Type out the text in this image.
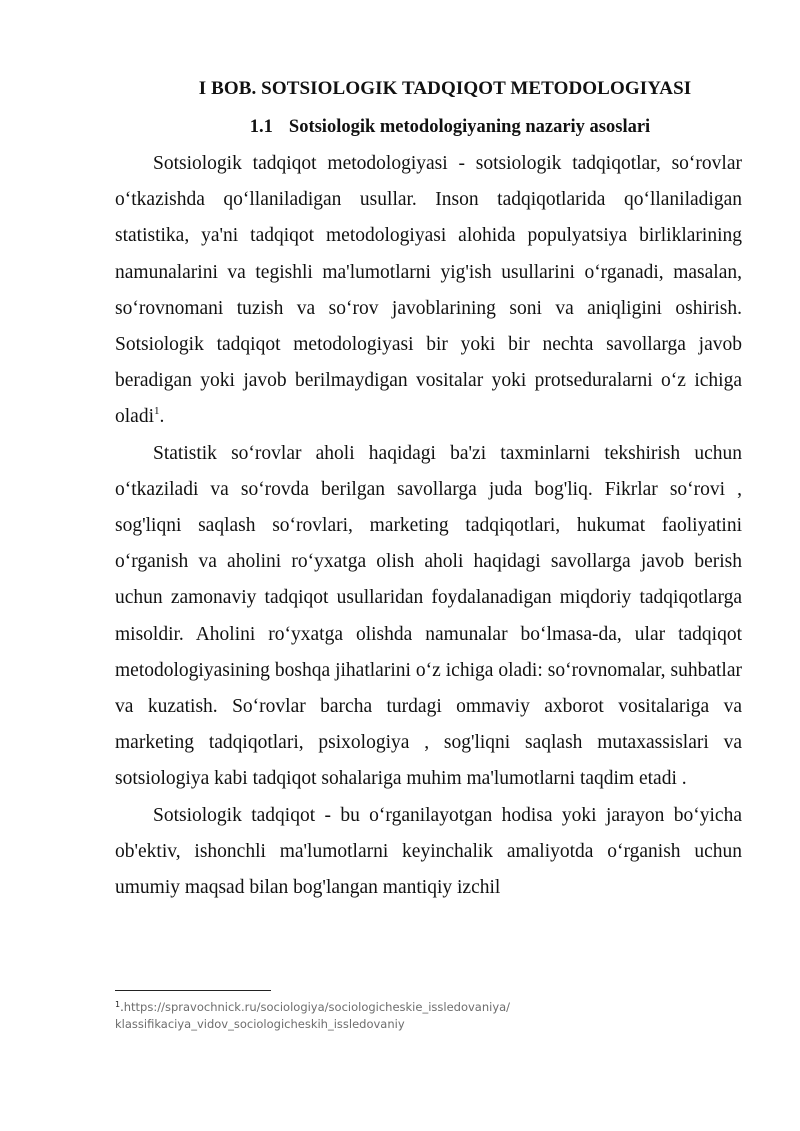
I BOB. SOTSIOLOGIK TADQIQOT METODOLOGIYASI
1.1 Sotsiologik metodologiyaning nazariy asoslari

Sotsiologik tadqiqot metodologiyasi - sotsiologik tadqiqotlar, so‘rovlar o‘tkazishda qo‘llaniladigan usullar. Inson tadqiqotlarida qo‘llaniladigan statistika, ya'ni tadqiqot metodologiyasi alohida populyatsiya birliklarining namunalarini va tegishli ma'lumotlarni yig'ish usullarini o‘rganadi, masalan, so‘rovnomani tuzish va so‘rov javoblarining soni va aniqligini oshirish. Sotsiologik tadqiqot metodologiyasi bir yoki bir nechta savollarga javob beradigan yoki javob berilmaydigan vositalar yoki protseduralarni o‘z ichiga oladi$^1$.

Statistik so‘rovlar aholi haqidagi ba'zi taxminlarni tekshirish uchun o‘tkaziladi va so‘rovda berilgan savollarga juda bog'liq. Fikrlar so‘rovi , sog'liqni saqlash so‘rovlari, marketing tadqiqotlari, hukumat faoliyatini o‘rganish va aholini ro‘yxatga olish aholi haqidagi savollarga javob berish uchun zamonaviy tadqiqot usullaridan foydalanadigan miqdoriy tadqiqotlarga misoldir. Aholini ro‘yxatga olishda namunalar bo‘lmasa-da, ular tadqiqot metodologiyasining boshqa jihatlarini o‘z ichiga oladi: so‘rovnomalar, suhbatlar va kuzatish. So‘rovlar barcha turdagi ommaviy axborot vositalariga va marketing tadqiqotlari, psixologiya , sog'liqni saqlash mutaxassislari va sotsiologiya kabi tadqiqot sohalariga muhim ma'lumotlarni taqdim etadi .

Sotsiologik tadqiqot - bu o‘rganilayotgan hodisa yoki jarayon bo‘yicha ob'ektiv, ishonchli ma'lumotlarni keyinchalik amaliyotda o‘rganish uchun umumiy maqsad bilan bog'langan mantiqiy izchil

$^1$.https://spravochnick.ru/sociologiya/sociologicheskie_issledovaniya/
klassifikaciya_vidov_sociologicheskih_issledovaniy
